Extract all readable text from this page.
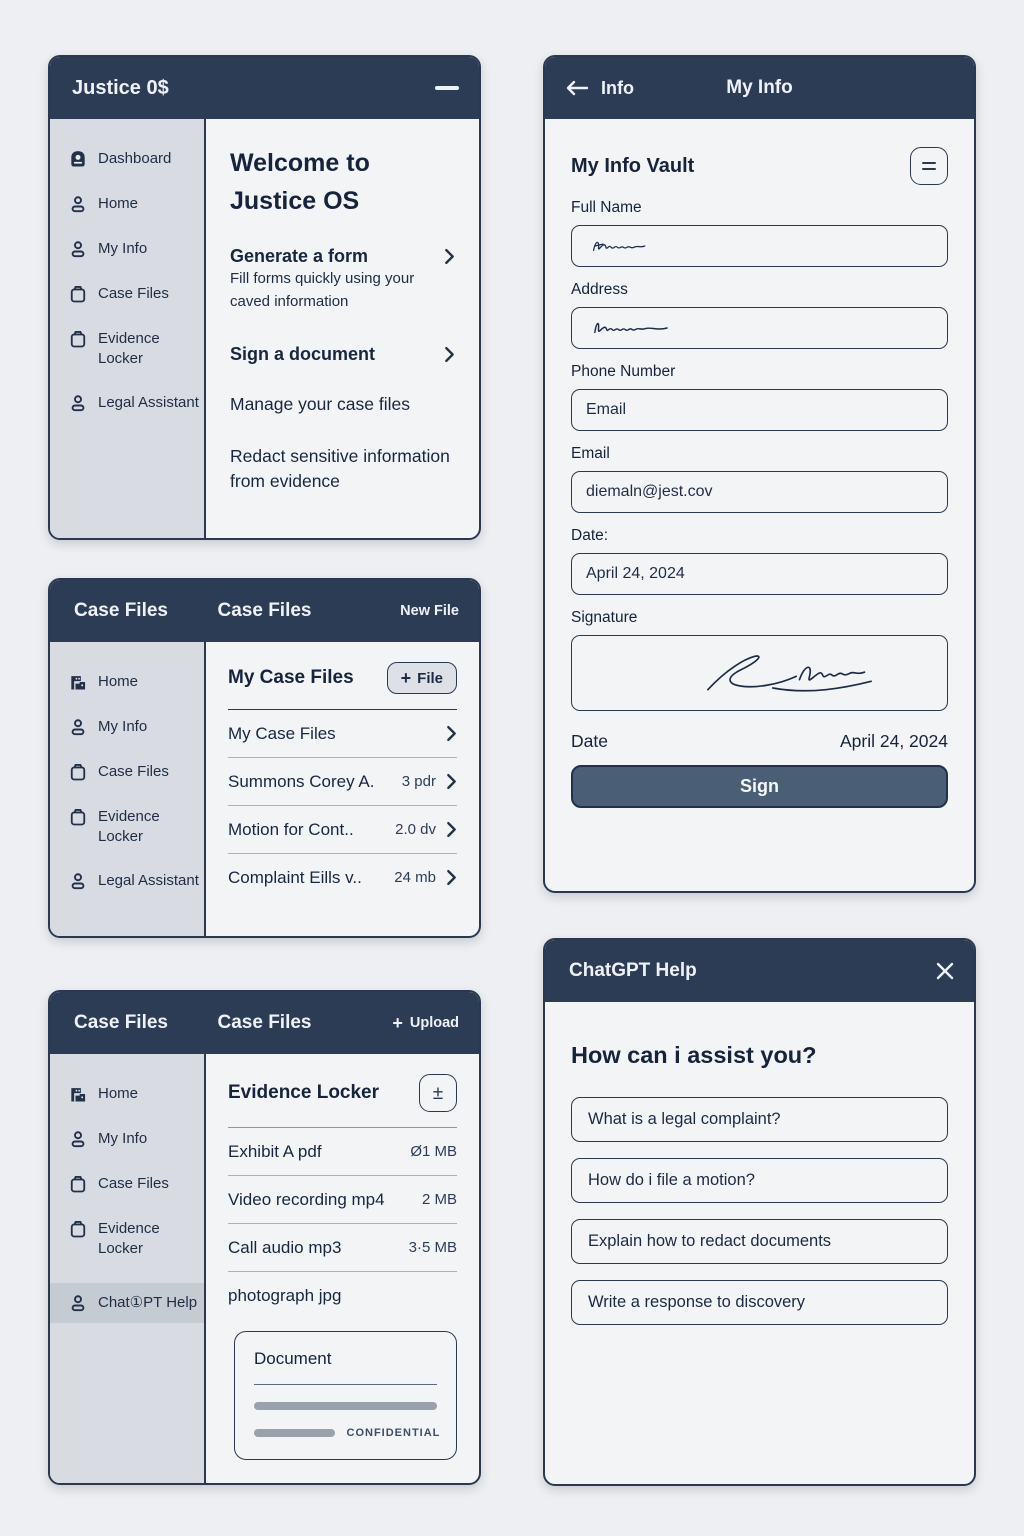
Justice 0$
Dashboard
Home
My Info
Case Files
Evidence Locker
Legal Assistant
Welcome to Justice OS
Generate a form

Fill forms quickly using your caved information

Sign a document
Manage your case files
Redact sensitive information from evidence
Info	My Info
My Info Vault
Full Name
Address
Phone Number
Email
Email
diemaln@jest.cov
Date:
April 24, 2024
Signature
Date	April 24, 2024
Sign
Case Files
Case Files	New File
Home
My Info
Case Files
Evidence Locker
Legal Assistant
My Case Files	+ File
My Case Files
Summons Corey A. 3 pdr
Motion for Cont..	2.0 dv
Complaint Eills v.. 24 mb
Case Files
Case Files	+ Upload
Home
My Info
Case Files
Evidence Locker
Chat①PT Help
Evidence Locker	±
Exhibit A pdf	Ø1 MB
Video recording mp4 2 MB
Call audio mp3	3·5 MB
photograph jpg
Document
CONFIDENTIAL
ChatGPT Help
How can i assist you?
What is a legal complaint?
How do i file a motion?
Explain how to redact documents
Write a response to discovery
